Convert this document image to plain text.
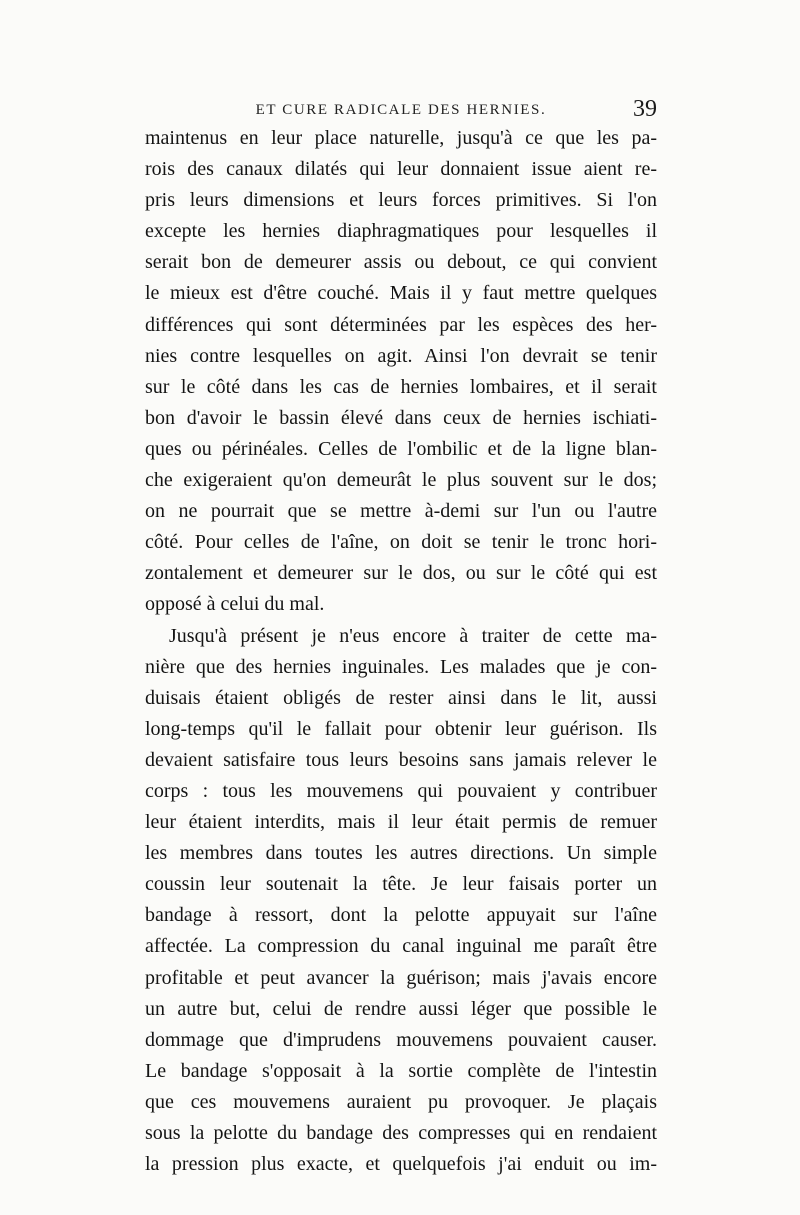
ET CURE RADICALE DES HERNIES.	39
maintenus en leur place naturelle, jusqu'à ce que les pa-
rois des canaux dilatés qui leur donnaient issue aient re-
pris leurs dimensions et leurs forces primitives. Si l'on
excepte les hernies diaphragmatiques pour lesquelles il
serait bon de demeurer assis ou debout, ce qui convient
le mieux est d'être couché. Mais il y faut mettre quelques
différences qui sont déterminées par les espèces des her-
nies contre lesquelles on agit. Ainsi l'on devrait se tenir
sur le côté dans les cas de hernies lombaires, et il serait
bon d'avoir le bassin élevé dans ceux de hernies ischiati-
ques ou périnéales. Celles de l'ombilic et de la ligne blan-
che exigeraient qu'on demeurât le plus souvent sur le dos;
on ne pourrait que se mettre à-demi sur l'un ou l'autre
côté. Pour celles de l'aîne, on doit se tenir le tronc hori-
zontalement et demeurer sur le dos, ou sur le côté qui est
opposé à celui du mal.
Jusqu'à présent je n'eus encore à traiter de cette ma-
nière que des hernies inguinales. Les malades que je con-
duisais étaient obligés de rester ainsi dans le lit, aussi
long-temps qu'il le fallait pour obtenir leur guérison. Ils
devaient satisfaire tous leurs besoins sans jamais relever le
corps : tous les mouvemens qui pouvaient y contribuer
leur étaient interdits, mais il leur était permis de remuer
les membres dans toutes les autres directions. Un simple
coussin leur soutenait la tête. Je leur faisais porter un
bandage à ressort, dont la pelotte appuyait sur l'aîne
affectée. La compression du canal inguinal me paraît être
profitable et peut avancer la guérison; mais j'avais encore
un autre but, celui de rendre aussi léger que possible le
dommage que d'imprudens mouvemens pouvaient causer.
Le bandage s'opposait à la sortie complète de l'intestin
que ces mouvemens auraient pu provoquer. Je plaçais
sous la pelotte du bandage des compresses qui en rendaient
la pression plus exacte, et quelquefois j'ai enduit ou im-
